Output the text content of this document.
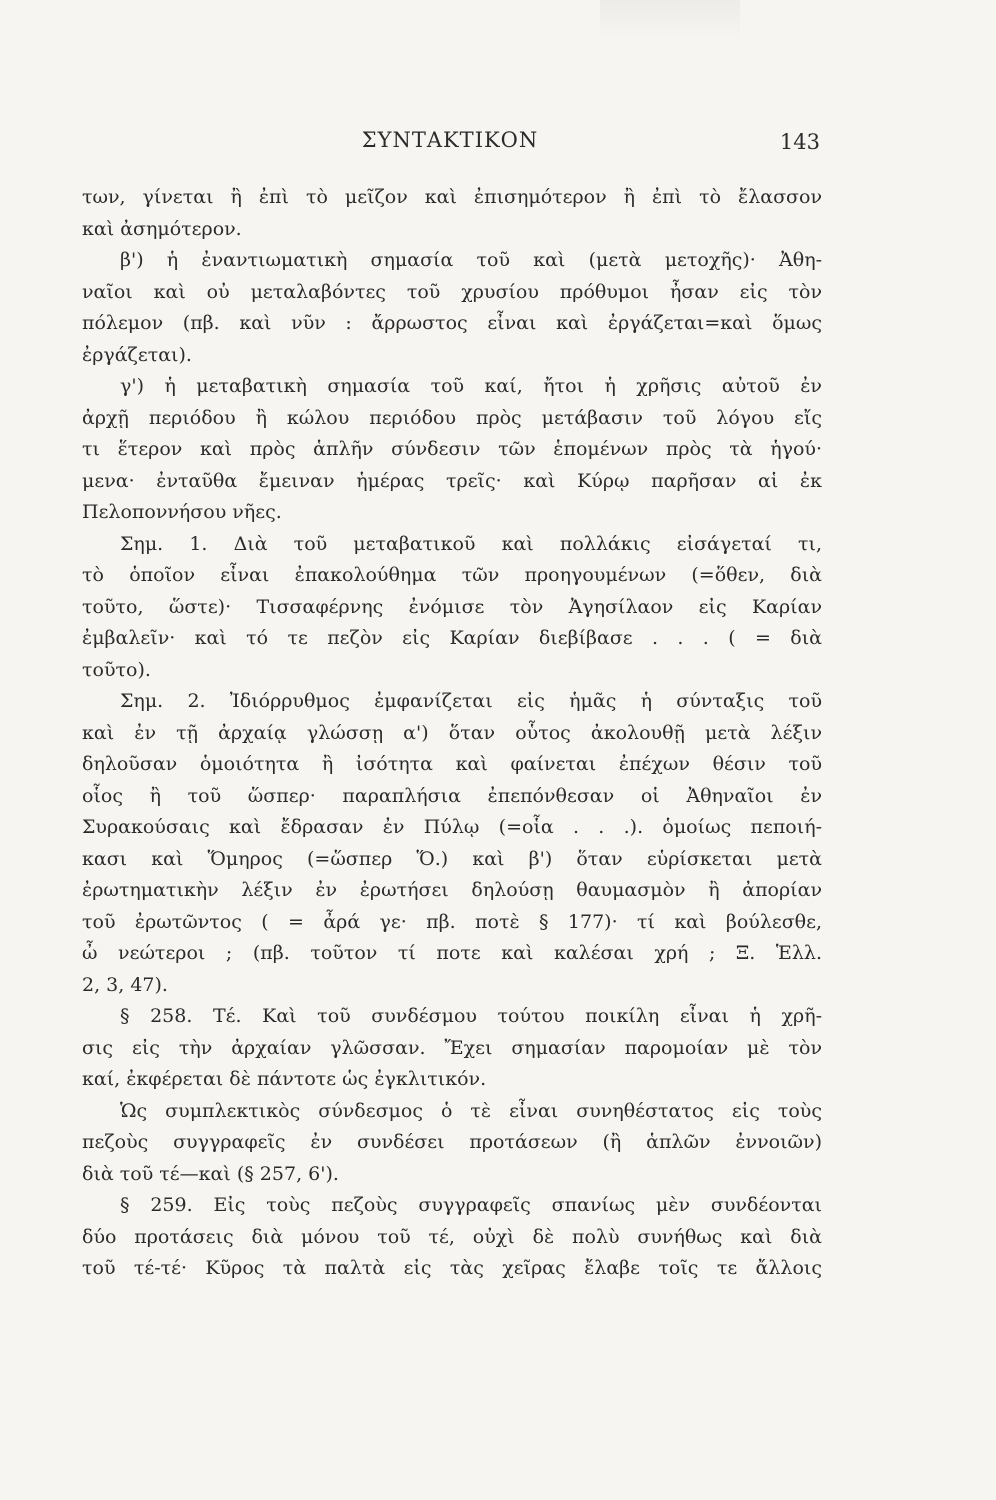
ΣΥΝΤΑΚΤΙΚΟΝ	143
των, γίνεται ἢ ἐπὶ τὸ μεῖζον καὶ ἐπισημότερον ἢ ἐπὶ τὸ ἔλασσον
καὶ ἀσημότερον.
β') ἡ ἐναντιωματικὴ σημασία τοῦ καὶ (μετὰ μετοχῆς)· Ἀθη-
ναῖοι καὶ οὐ μεταλαβόντες τοῦ χρυσίου πρόθυμοι ἦσαν εἰς τὸν
πόλεμον (πβ. καὶ νῦν : ἄρρωστος εἶναι καὶ ἐργάζεται=καὶ ὅμως
ἐργάζεται).
γ') ἡ μεταβατικὴ σημασία τοῦ καί, ἤτοι ἡ χρῆσις αὐτοῦ ἐν
ἀρχῇ περιόδου ἢ κώλου περιόδου πρὸς μετάβασιν τοῦ λόγου εἴς
τι ἕτερον καὶ πρὸς ἁπλῆν σύνδεσιν τῶν ἑπομένων πρὸς τὰ ἡγού·
μενα· ἐνταῦθα ἔμειναν ἡμέρας τρεῖς· καὶ Κύρῳ παρῆσαν αἱ ἐκ
Πελοποννήσου νῆες.
Σημ. 1. Διὰ τοῦ μεταβατικοῦ καὶ πολλάκις εἰσάγεταί τι,
τὸ ὁποῖον εἶναι ἐπακολούθημα τῶν προηγουμένων (=ὅθεν, διὰ
τοῦτο, ὥστε)· Τισσαφέρνης ἐνόμισε τὸν Ἀγησίλαον εἰς Καρίαν
ἐμβαλεῖν· καὶ τό τε πεζὸν εἰς Καρίαν διεβίβασε . . . ( = διὰ
τοῦτο).
Σημ. 2. Ἰδιόρρυθμος ἐμφανίζεται εἰς ἡμᾶς ἡ σύνταξις τοῦ
καὶ ἐν τῇ ἀρχαίᾳ γλώσσῃ α') ὅταν οὗτος ἀκολουθῇ μετὰ λέξιν
δηλοῦσαν ὁμοιότητα ἢ ἰσότητα καὶ φαίνεται ἐπέχων θέσιν τοῦ
οἷος ἢ τοῦ ὥσπερ· παραπλήσια ἐπεπόνθεσαν οἱ Ἀθηναῖοι ἐν
Συρακούσαις καὶ ἔδρασαν ἐν Πύλῳ (=οἷα . . .). ὁμοίως πεποιή-
κασι καὶ Ὅμηρος (=ὥσπερ Ὅ.) καὶ β') ὅταν εὑρίσκεται μετὰ
ἐρωτηματικὴν λέξιν ἐν ἐρωτήσει δηλούσῃ θαυμασμὸν ἢ ἀπορίαν
τοῦ ἐρωτῶντος ( = ἆρά γε· πβ. ποτὲ § 177)· τί καὶ βούλεσθε,
ὦ νεώτεροι ; (πβ. τοῦτον τί ποτε καὶ καλέσαι χρή ; Ξ. Ἑλλ.
2, 3, 47).
§ 258. Τέ. Καὶ τοῦ συνδέσμου τούτου ποικίλη εἶναι ἡ χρῆ-
σις εἰς τὴν ἀρχαίαν γλῶσσαν. Ἔχει σημασίαν παρομοίαν μὲ τὸν
καί, ἐκφέρεται δὲ πάντοτε ὡς ἐγκλιτικόν.
Ὡς συμπλεκτικὸς σύνδεσμος ὁ τὲ εἶναι συνηθέστατος εἰς τοὺς
πεζοὺς συγγραφεῖς ἐν συνδέσει προτάσεων (ἢ ἁπλῶν ἐννοιῶν)
διὰ τοῦ τέ—καὶ (§ 257, 6').
§ 259. Εἰς τοὺς πεζοὺς συγγραφεῖς σπανίως μὲν συνδέονται
δύο προτάσεις διὰ μόνου τοῦ τέ, οὐχὶ δὲ πολὺ συνήθως καὶ διὰ
τοῦ τέ-τέ· Κῦρος τὰ παλτὰ εἰς τὰς χεῖρας ἔλαβε τοῖς τε ἄλλοις
